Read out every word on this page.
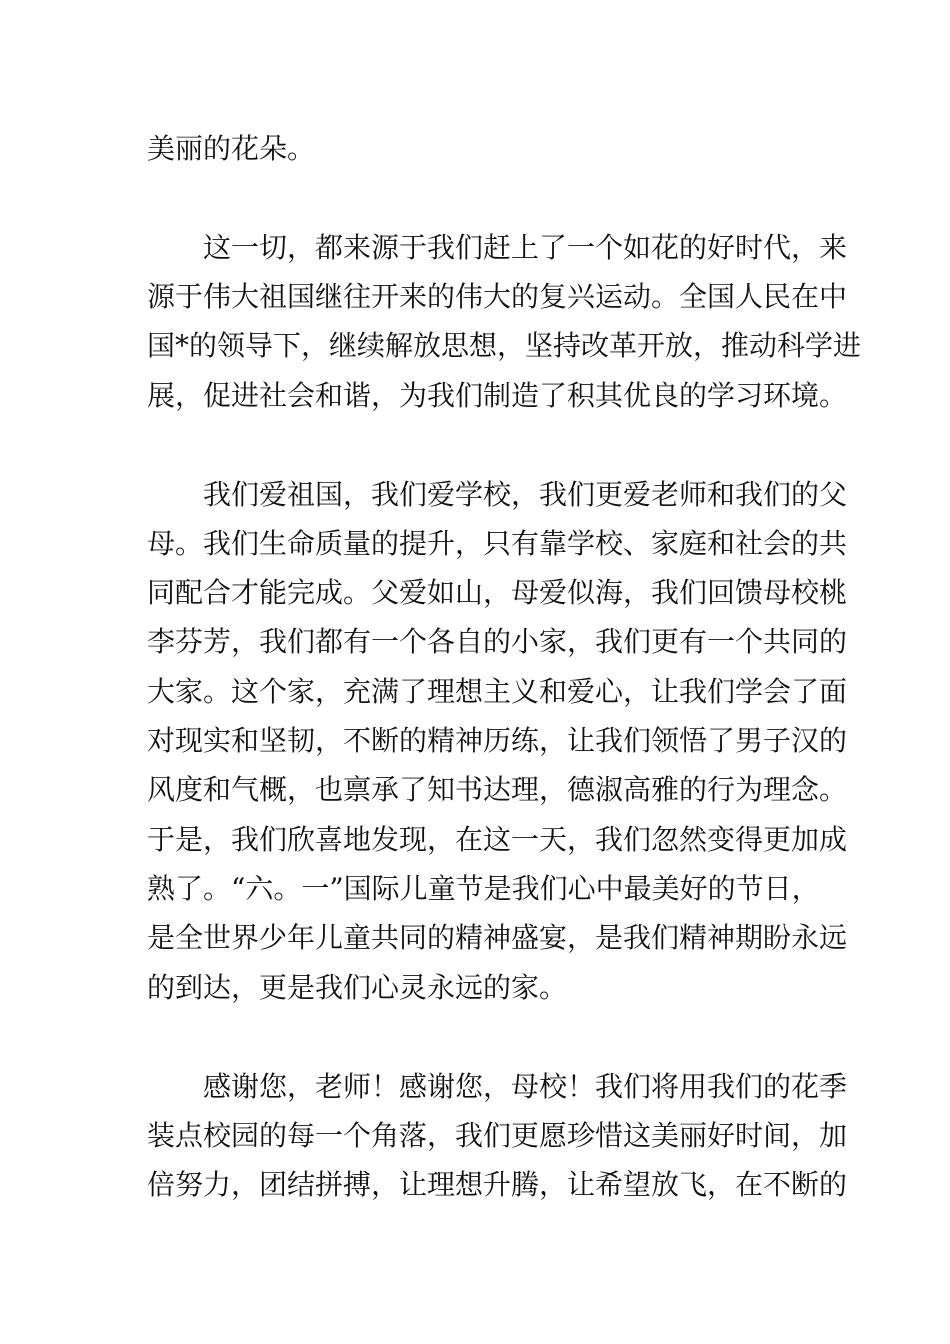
美丽的花朵。
这一切，都来源于我们赶上了一个如花的好时代，来
源于伟大祖国继往开来的伟大的复兴运动。全国人民在中
国*的领导下，继续解放思想，坚持改革开放，推动科学进
展，促进社会和谐，为我们制造了积其优良的学习环境。
我们爱祖国，我们爱学校，我们更爱老师和我们的父
母。我们生命质量的提升，只有靠学校、家庭和社会的共
同配合才能完成。父爱如山，母爱似海，我们回馈母校桃
李芬芳，我们都有一个各自的小家，我们更有一个共同的
大家。这个家，充满了理想主义和爱心，让我们学会了面
对现实和坚韧，不断的精神历练，让我们领悟了男子汉的
风度和气概，也禀承了知书达理，德淑高雅的行为理念。
于是，我们欣喜地发现，在这一天，我们忽然变得更加成
熟了。“六。一”国际儿童节是我们心中最美好的节日，
是全世界少年儿童共同的精神盛宴，是我们精神期盼永远
的到达，更是我们心灵永远的家。
感谢您，老师！感谢您，母校！我们将用我们的花季
装点校园的每一个角落，我们更愿珍惜这美丽好时间，加
倍努力，团结拼搏，让理想升腾，让希望放飞，在不断的
